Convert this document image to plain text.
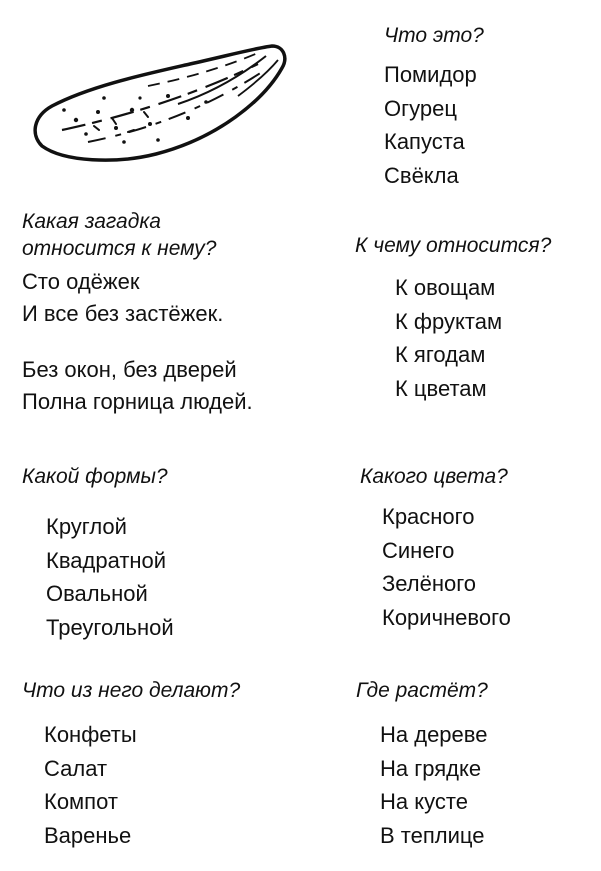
Что это?
Помидор
Огурец
Капуста
Свёкла
Какая загадка
относится к нему?
Сто одёжек
И все без застёжек.
Без окон, без дверей
Полна горница людей.
К чему относится?
К овощам
К фруктам
К ягодам
К цветам
Какой формы?
Круглой
Квадратной
Овальной
Треугольной
Какого цвета?
Красного
Синего
Зелёного
Коричневого
Что из него делают?
Конфеты
Салат
Компот
Варенье
Где растёт?
На дереве
На грядке
На кусте
В теплице
